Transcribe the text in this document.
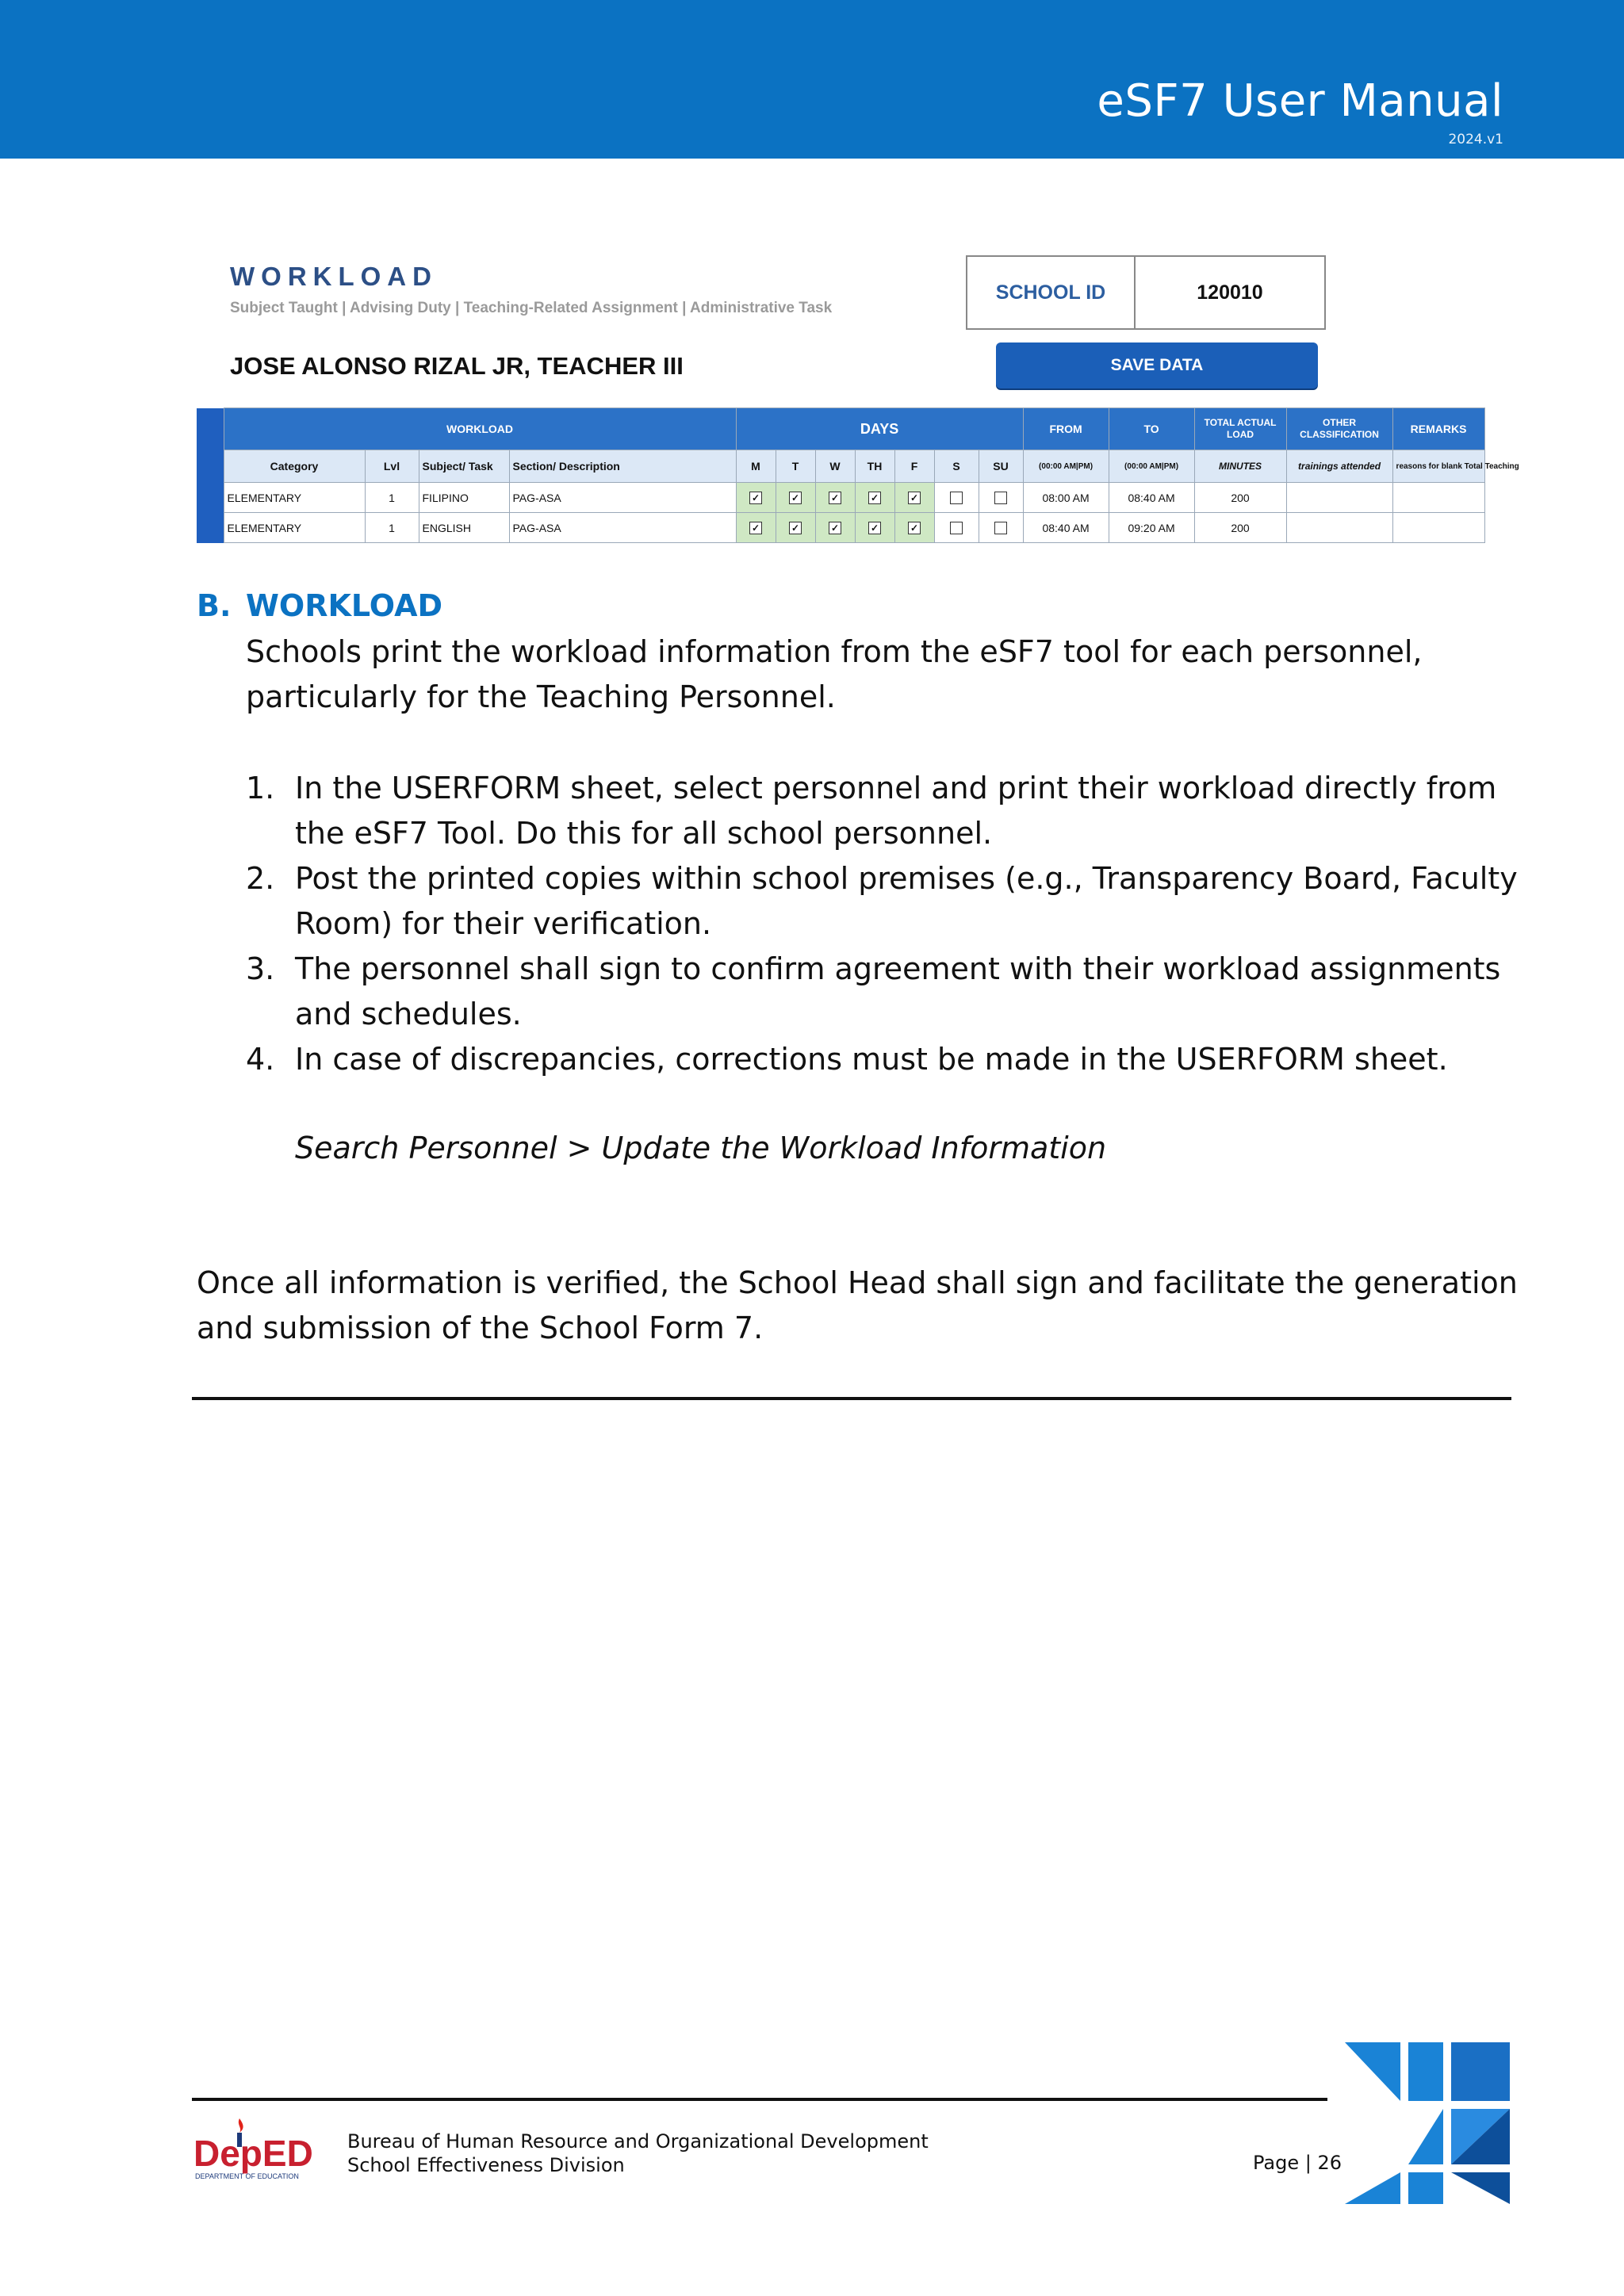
eSF7 User Manual
2024.v1
WORKLOAD
Subject Taught | Advising Duty | Teaching-Related Assignment | Administrative Task
JOSE ALONSO RIZAL JR, TEACHER III
SCHOOL ID	120010
SAVE DATA
	WORKLOAD				DAYS							FROM	TO	TOTAL ACTUAL LOAD	OTHER CLASSIFICATION	REMARKS
	Category	Lvl	Subject/ Task	Section/ Description	M	T	W	TH	F	S	SU	(00:00 AM|PM)	(00:00 AM|PM)	MINUTES	trainings attended	reasons for blank Total Teaching
	ELEMENTARY	1	FILIPINO	PAG-ASA	✓	✓	✓	✓	✓			08:00 AM	08:40 AM	200		
	ELEMENTARY	1	ENGLISH	PAG-ASA	✓	✓	✓	✓	✓			08:40 AM	09:20 AM	200		
B. WORKLOAD
Schools print the workload information from the eSF7 tool for each personnel, particularly for the Teaching Personnel.
1. In the USERFORM sheet, select personnel and print their workload directly from the eSF7 Tool. Do this for all school personnel.
2. Post the printed copies within school premises (e.g., Transparency Board, Faculty Room) for their verification.
3. The personnel shall sign to confirm agreement with their workload assignments and schedules.
4. In case of discrepancies, corrections must be made in the USERFORM sheet.
Search Personnel > Update the Workload Information
Once all information is verified, the School Head shall sign and facilitate the generation and submission of the School Form 7.
DepED
DEPARTMENT OF EDUCATION
Bureau of Human Resource and Organizational Development
School Effectiveness Division	Page | 26
